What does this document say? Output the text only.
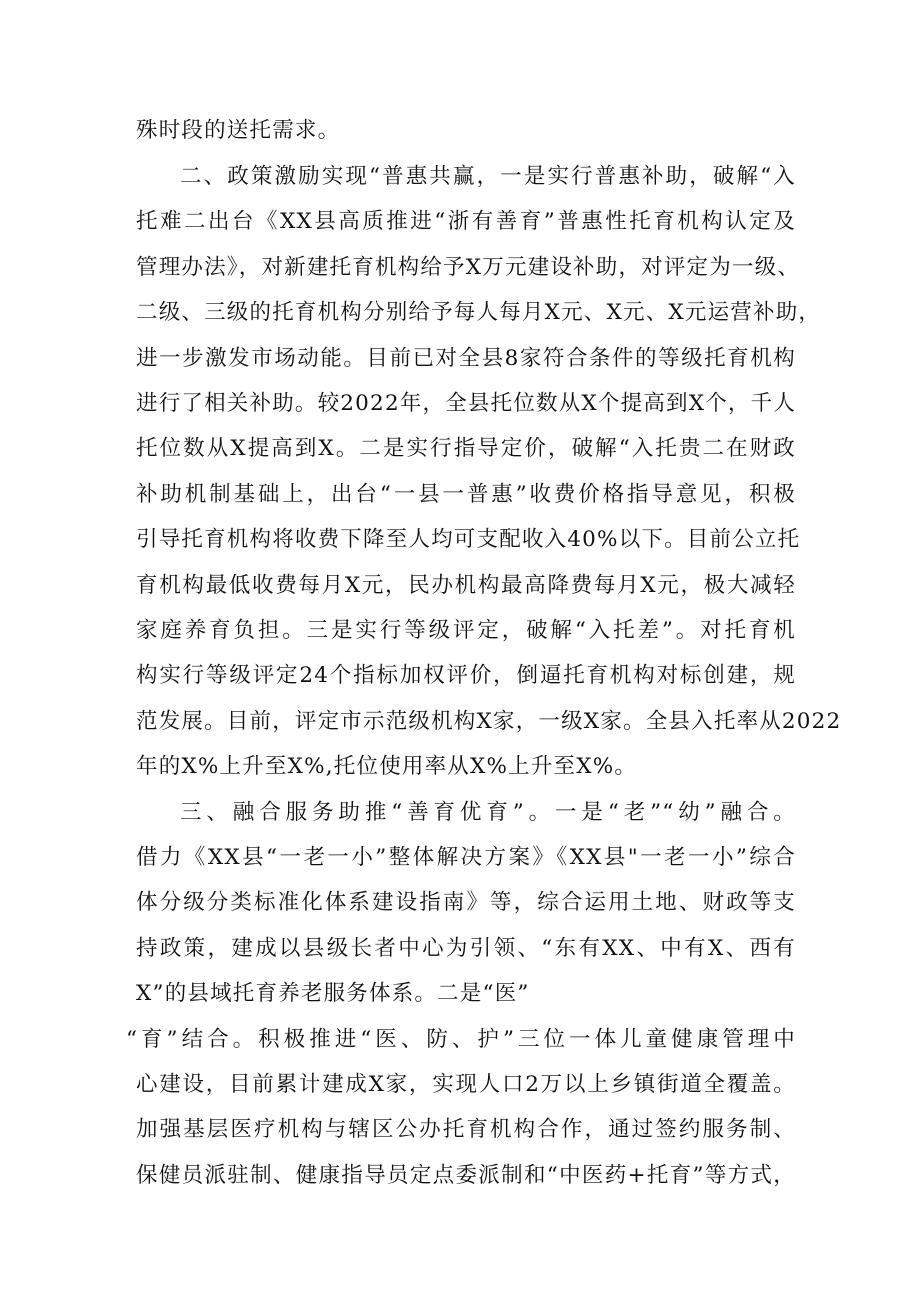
殊时段的送托需求。
二、政策激励实现“普惠共赢，一是实行普惠补助，破解“入
托难二出台《XX县高质推进“浙有善育”普惠性托育机构认定及
管理办法》，对新建托育机构给予X万元建设补助，对评定为一级、
二级、三级的托育机构分别给予每人每月X元、X元、X元运营补助，
进一步激发市场动能。目前已对全县8家符合条件的等级托育机构
进行了相关补助。较2022年，全县托位数从X个提高到X个，千人
托位数从X提高到X。二是实行指导定价，破解“入托贵二在财政
补助机制基础上，出台“一县一普惠”收费价格指导意见，积极
引导托育机构将收费下降至人均可支配收入40%以下。目前公立托
育机构最低收费每月X元，民办机构最高降费每月X元，极大减轻
家庭养育负担。三是实行等级评定，破解“入托差”。对托育机
构实行等级评定24个指标加权评价，倒逼托育机构对标创建，规
范发展。目前，评定市示范级机构X家，一级X家。全县入托率从2022
年的X%上升至X%,托位使用率从X%上升至X%。
三、融合服务助推“善育优育”。一是“老”“幼”融合。
借力《XX县“一老一小”整体解决方案》《XX县"一老一小”综合
体分级分类标准化体系建设指南》等，综合运用土地、财政等支
持政策，建成以县级长者中心为引领、“东有XX、中有X、西有
X”的县域托育养老服务体系。二是“医”
“育”结合。积极推进“医、防、护”三位一体儿童健康管理中
心建设，目前累计建成X家，实现人口2万以上乡镇街道全覆盖。
加强基层医疗机构与辖区公办托育机构合作，通过签约服务制、
保健员派驻制、健康指导员定点委派制和“中医药+托育”等方式，
